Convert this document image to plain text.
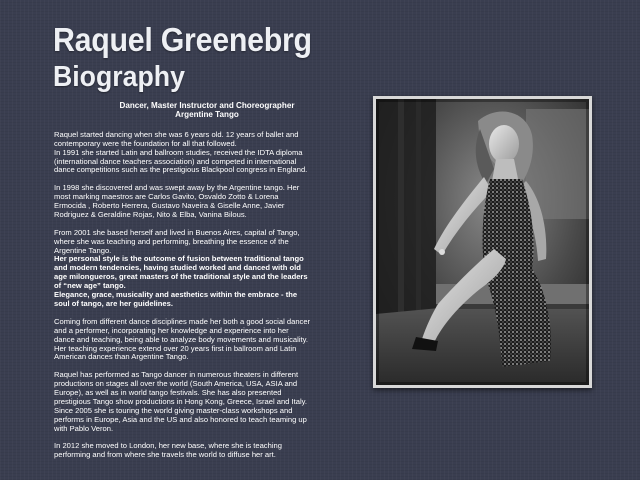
Raquel Greenebrg
Biography
Dancer, Master Instructor and Choreographer
Argentine Tango
Raquel started dancing when she was 6 years old. 12 years of ballet and
contemporary were the foundation for all that followed.
In 1991 she started Latin and ballroom studies, received the IDTA diploma
(international dance teachers association) and competed in international
dance competitions such as the prestigious Blackpool congress in England.
In 1998 she discovered and was swept away by the Argentine tango. Her
most marking maestros are Carlos Gavito, Osvaldo Zotto & Lorena
Ermocida , Roberto Herrera, Gustavo Naveira & Giselle Anne, Javier
Rodriguez & Geraldine Rojas, Nito & Elba, Vanina Bilous.
From 2001 she based herself and lived in Buenos Aires, capital of Tango,
where she was teaching and performing, breathing the essence of the
Argentine Tango.
Her personal style is the outcome of fusion between traditional tango
and modern tendencies, having studied worked and danced with old
age milongueros, great masters of the traditional style and the leaders
of “new age” tango.
Elegance, grace, musicality and aesthetics within the embrace - the
soul of tango, are her guidelines.
Coming from different dance disciplines made her both a good social dancer
and a performer, incorporating her knowledge and experience into her
dance and teaching, being able to analyze body movements and musicality.
Her teaching experience extend over 20 years first in ballroom and Latin
American dances than Argentine Tango.
Raquel has performed as Tango dancer in numerous theaters in different
productions on stages all over the world (South America, USA, ASIA and
Europe), as well as in world tango festivals. She has also presented
prestigious Tango show productions in Hong Kong, Greece, Israel and Italy.
Since 2005 she is touring the world giving master-class workshops and
performs in Europe, Asia and the US and also honored to teach teaming up
with Pablo Veron.
In 2012 she moved to London, her new base, where she is teaching
performing and from where she travels the world to diffuse her art.
